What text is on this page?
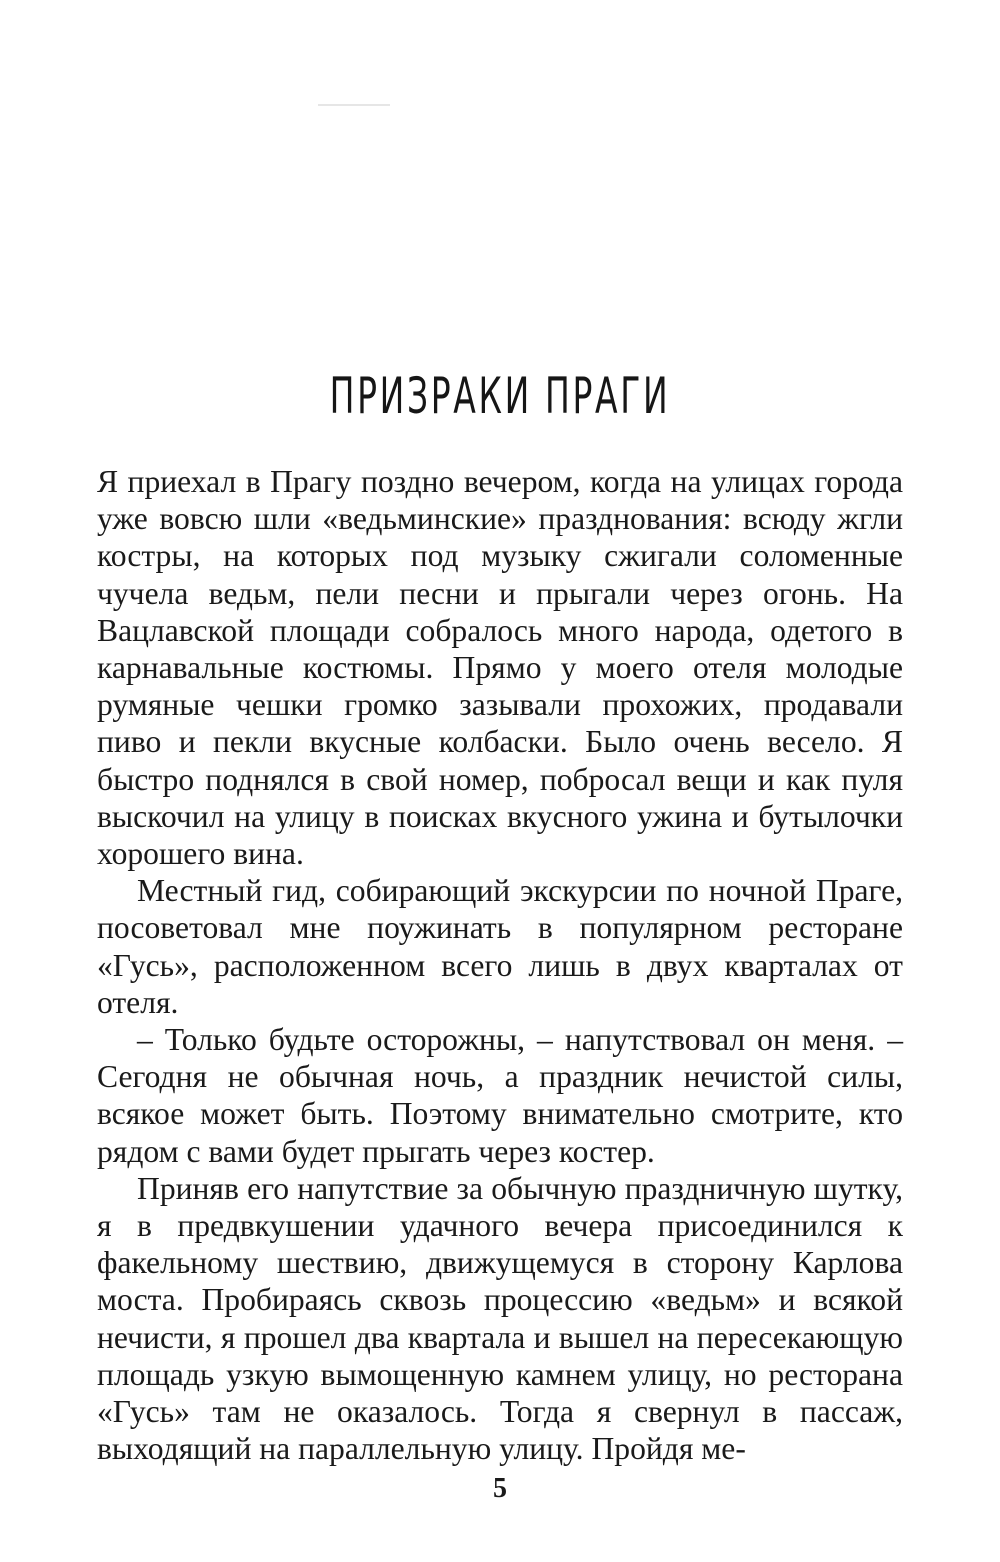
ПРИЗРАКИ ПРАГИ

Я приехал в Прагу поздно вечером, когда на улицах города уже вовсю шли «ведьминские» празднования: всюду жгли костры, на которых под музыку сжигали соломенные чучела ведьм, пели песни и прыгали через огонь. На Вацлавской площади собралось много народа, одетого в карнавальные костюмы. Прямо у моего отеля молодые румяные чешки громко зазывали прохожих, продавали пиво и пекли вкусные колбаски. Было очень весело. Я быстро поднялся в свой номер, побросал вещи и как пуля выскочил на улицу в поисках вкусного ужина и бутылочки хорошего вина.

Местный гид, собирающий экскурсии по ночной Праге, посоветовал мне поужинать в популярном ресторане «Гусь», расположенном всего лишь в двух кварталах от отеля.

– Только будьте осторожны, – напутствовал он меня. – Сегодня не обычная ночь, а праздник нечистой силы, всякое может быть. Поэтому внимательно смотрите, кто рядом с вами будет прыгать через костер.

Приняв его напутствие за обычную праздничную шутку, я в предвкушении удачного вечера присоединился к факельному шествию, движущемуся в сторону Карлова моста. Пробираясь сквозь процессию «ведьм» и всякой нечисти, я прошел два квартала и вышел на пересекающую площадь узкую вымощенную камнем улицу, но ресторана «Гусь» там не оказалось. Тогда я свернул в пассаж, выходящий на параллельную улицу. Пройдя ме-

5
